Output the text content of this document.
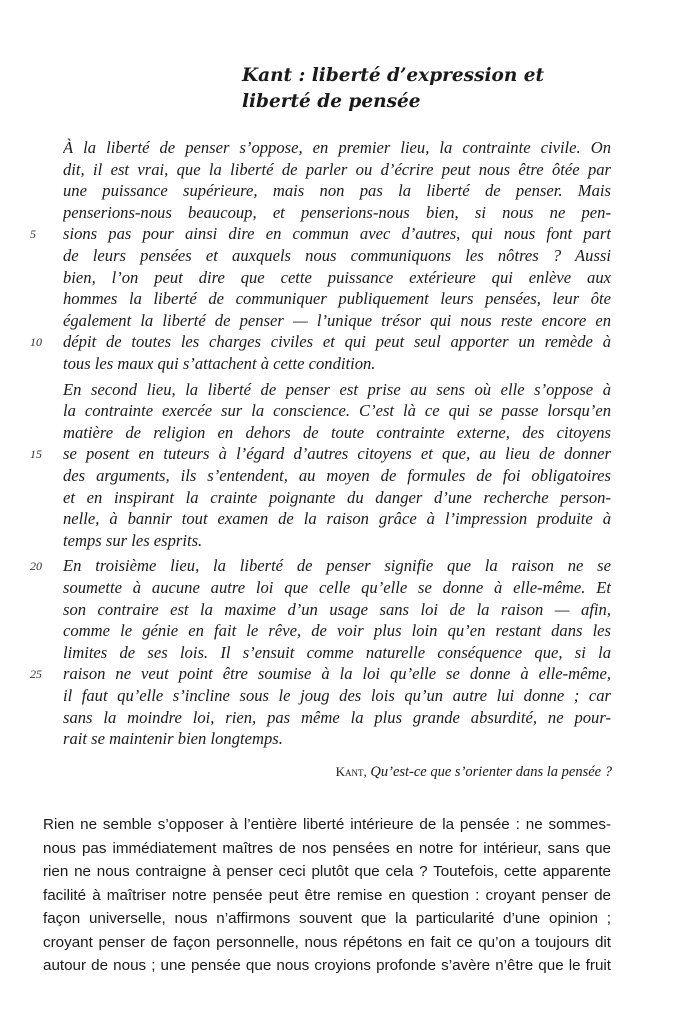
Kant : liberté d’expression et
liberté de pensée
À la liberté de penser s’oppose, en premier lieu, la contrainte civile. On
dit, il est vrai, que la liberté de parler ou d’écrire peut nous être ôtée par
une puissance supérieure, mais non pas la liberté de penser. Mais
penserions-nous beaucoup, et penserions-nous bien, si nous ne pen-
sions pas pour ainsi dire en commun avec d’autres, qui nous font part
de leurs pensées et auxquels nous communiquons les nôtres ? Aussi
bien, l’on peut dire que cette puissance extérieure qui enlève aux
hommes la liberté de communiquer publiquement leurs pensées, leur ôte
également la liberté de penser — l’unique trésor qui nous reste encore en
dépit de toutes les charges civiles et qui peut seul apporter un remède à
tous les maux qui s’attachent à cette condition.
En second lieu, la liberté de penser est prise au sens où elle s’oppose à
la contrainte exercée sur la conscience. C’est là ce qui se passe lorsqu’en
matière de religion en dehors de toute contrainte externe, des citoyens
se posent en tuteurs à l’égard d’autres citoyens et que, au lieu de donner
des arguments, ils s’entendent, au moyen de formules de foi obligatoires
et en inspirant la crainte poignante du danger d’une recherche person-
nelle, à bannir tout examen de la raison grâce à l’impression produite à
temps sur les esprits.
En troisième lieu, la liberté de penser signifie que la raison ne se
soumette à aucune autre loi que celle qu’elle se donne à elle-même. Et
son contraire est la maxime d’un usage sans loi de la raison — afin,
comme le génie en fait le rêve, de voir plus loin qu’en restant dans les
limites de ses lois. Il s’ensuit comme naturelle conséquence que, si la
raison ne veut point être soumise à la loi qu’elle se donne à elle-même,
il faut qu’elle s’incline sous le joug des lois qu’un autre lui donne ; car
sans la moindre loi, rien, pas même la plus grande absurdité, ne pour-
rait se maintenir bien longtemps.
5
10
15
20
25
Kant, Qu’est-ce que s’orienter dans la pensée ?
Rien ne semble s’opposer à l’entière liberté intérieure de la pensée : ne sommes-
nous pas immédiatement maîtres de nos pensées en notre for intérieur, sans que
rien ne nous contraigne à penser ceci plutôt que cela ? Toutefois, cette apparente
facilité à maîtriser notre pensée peut être remise en question : croyant penser de
façon universelle, nous n’affirmons souvent que la particularité d’une opinion ;
croyant penser de façon personnelle, nous répétons en fait ce qu’on a toujours dit
autour de nous ; une pensée que nous croyions profonde s’avère n’être que le fruit
